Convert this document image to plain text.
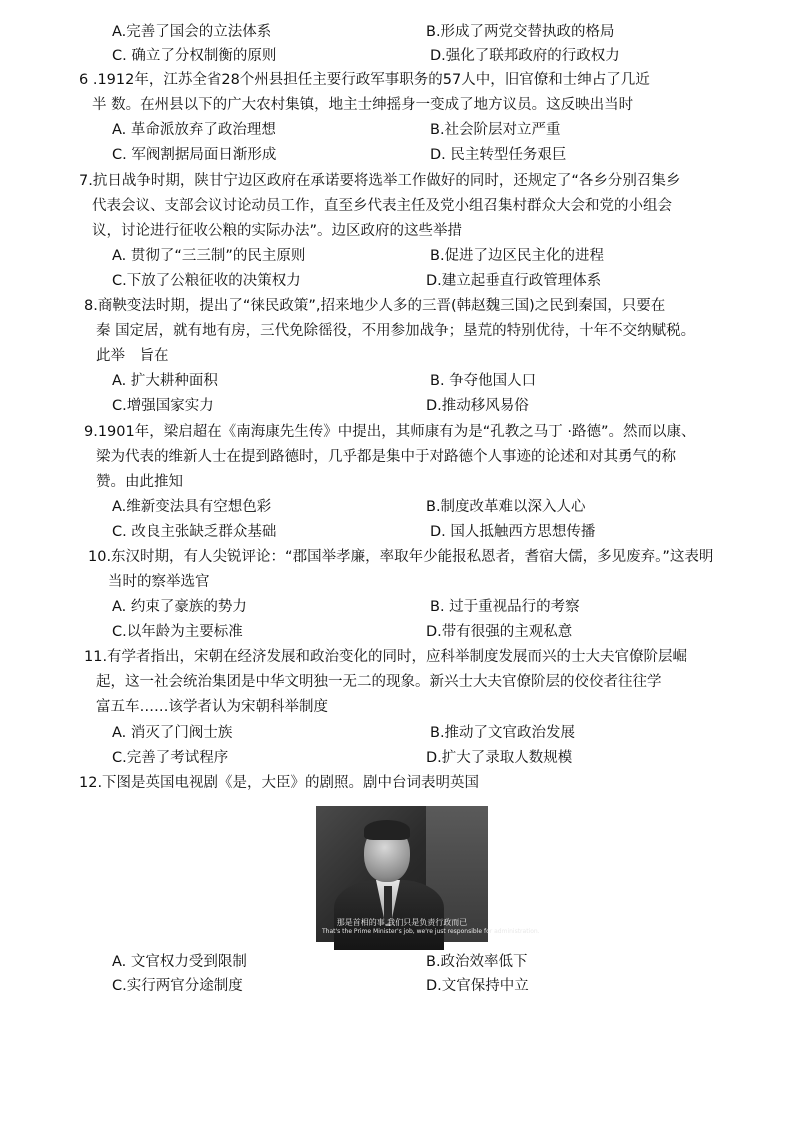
A.完善了国会的立法体系	B.形成了两党交替执政的格局
C. 确立了分权制衡的原则	D.强化了联邦政府的行政权力
6 .1912年，江苏全省28个州县担任主要行政军事职务的57人中，旧官僚和士绅占了几近
半 数。在州县以下的广大农村集镇，地主士绅摇身一变成了地方议员。这反映出当时
A. 革命派放弃了政治理想	B.社会阶层对立严重
C. 军阀割据局面日渐形成	D. 民主转型任务艰巨
7.抗日战争时期，陕甘宁边区政府在承诺要将选举工作做好的同时，还规定了“各乡分别召集乡
代表会议、支部会议讨论动员工作，直至乡代表主任及党小组召集村群众大会和党的小组会
议，讨论进行征收公粮的实际办法”。边区政府的这些举措
A. 贯彻了“三三制”的民主原则	B.促进了边区民主化的进程
C.下放了公粮征收的决策权力	D.建立起垂直行政管理体系
8.商鞅变法时期，提出了“徕民政策”,招来地少人多的三晋(韩赵魏三国)之民到秦国，只要在
秦 国定居，就有地有房，三代免除徭役，不用参加战争；垦荒的特别优待，十年不交纳赋税。
此举　旨在
A. 扩大耕种面积	B. 争夺他国人口
C.增强国家实力	D.推动移风易俗
9.1901年，梁启超在《南海康先生传》中提出，其师康有为是“孔教之马丁 ·路德”。然而以康、
梁为代表的维新人士在提到路德时，几乎都是集中于对路德个人事迹的论述和对其勇气的称
赞。由此推知
A.维新变法具有空想色彩	B.制度改革难以深入人心
C. 改良主张缺乏群众基础	D. 国人抵触西方思想传播
10.东汉时期，有人尖锐评论：“郡国举孝廉，率取年少能报私恩者，耆宿大儒，多见废弃。”这表明
当时的察举选官
A. 约束了豪族的势力	B. 过于重视品行的考察
C.以年龄为主要标准	D.带有很强的主观私意
11.有学者指出，宋朝在经济发展和政治变化的同时，应科举制度发展而兴的士大夫官僚阶层崛
起，这一社会统治集团是中华文明独一无二的现象。新兴士大夫官僚阶层的佼佼者往往学
富五车……该学者认为宋朝科举制度
A. 消灭了门阀士族	B.推动了文官政治发展
C.完善了考试程序	D.扩大了录取人数规模
12.下图是英国电视剧《是，大臣》的剧照。剧中台词表明英国
那是首相的事 我们只是负责行政而已
That's the Prime Minister's job, we're just responsible for administration.
A. 文官权力受到限制	B.政治效率低下
C.实行两官分途制度	D.文官保持中立
